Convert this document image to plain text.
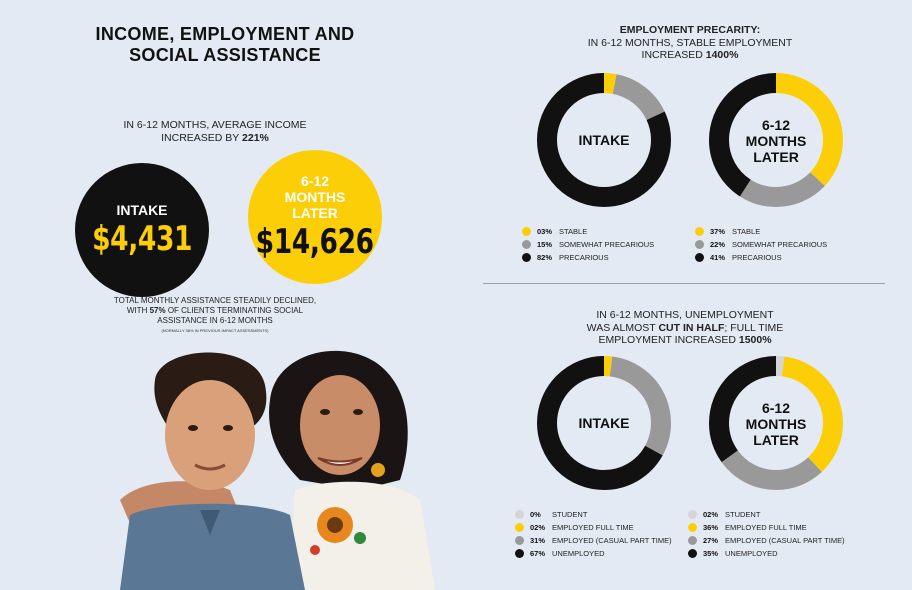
INCOME, EMPLOYMENT AND SOCIAL ASSISTANCE
IN 6-12 MONTHS, AVERAGE INCOME INCREASED BY 221%
INTAKE
$4,431
6-12 MONTHS LATER
$14,626
TOTAL MONTHLY ASSISTANCE STEADILY DECLINED, WITH 57% OF CLIENTS TERMINATING SOCIAL ASSISTANCE IN 6-12 MONTHS
(NORMALLY 38% IN PREVIOUS IMPACT ASSESSMENTS)
EMPLOYMENT PRECARITY:
IN 6-12 MONTHS, STABLE EMPLOYMENT
INCREASED 1400%
INTAKE
6-12 MONTHS LATER
03% STABLE
15% SOMEWHAT PRECARIOUS
82% PRECARIOUS
37% STABLE
22% SOMEWHAT PRECARIOUS
41% PRECARIOUS
IN 6-12 MONTHS, UNEMPLOYMENT
WAS ALMOST CUT IN HALF; FULL TIME
EMPLOYMENT INCREASED 1500%
INTAKE
6-12 MONTHS LATER
0%	STUDENT
02% EMPLOYED FULL TIME
31% EMPLOYED (CASUAL PART TIME)
67% UNEMPLOYED
02% STUDENT
36% EMPLOYED FULL TIME
27% EMPLOYED (CASUAL PART TIME)
35% UNEMPLOYED
